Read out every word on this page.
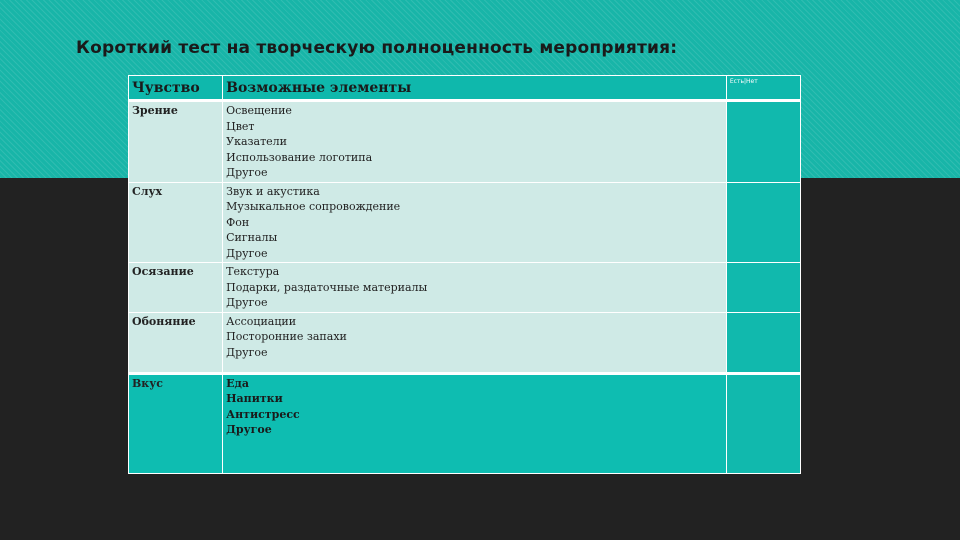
Короткий тест на творческую полноценность мероприятия:
Чувство	Возможные элементы	Есть|Нет
Зрение	Освещение
Цвет
Указатели
Использование логотипа
Другое	

Слух	Звук и акустика
Музыкальное сопровождение
Фон
Сигналы
Другое	

Осязание	Текстура
Подарки, раздаточные материалы
Другое	

Обоняние	Ассоциации
Посторонние запахи
Другое	

Вкус	Еда
Напитки
Антистресс
Другое	
